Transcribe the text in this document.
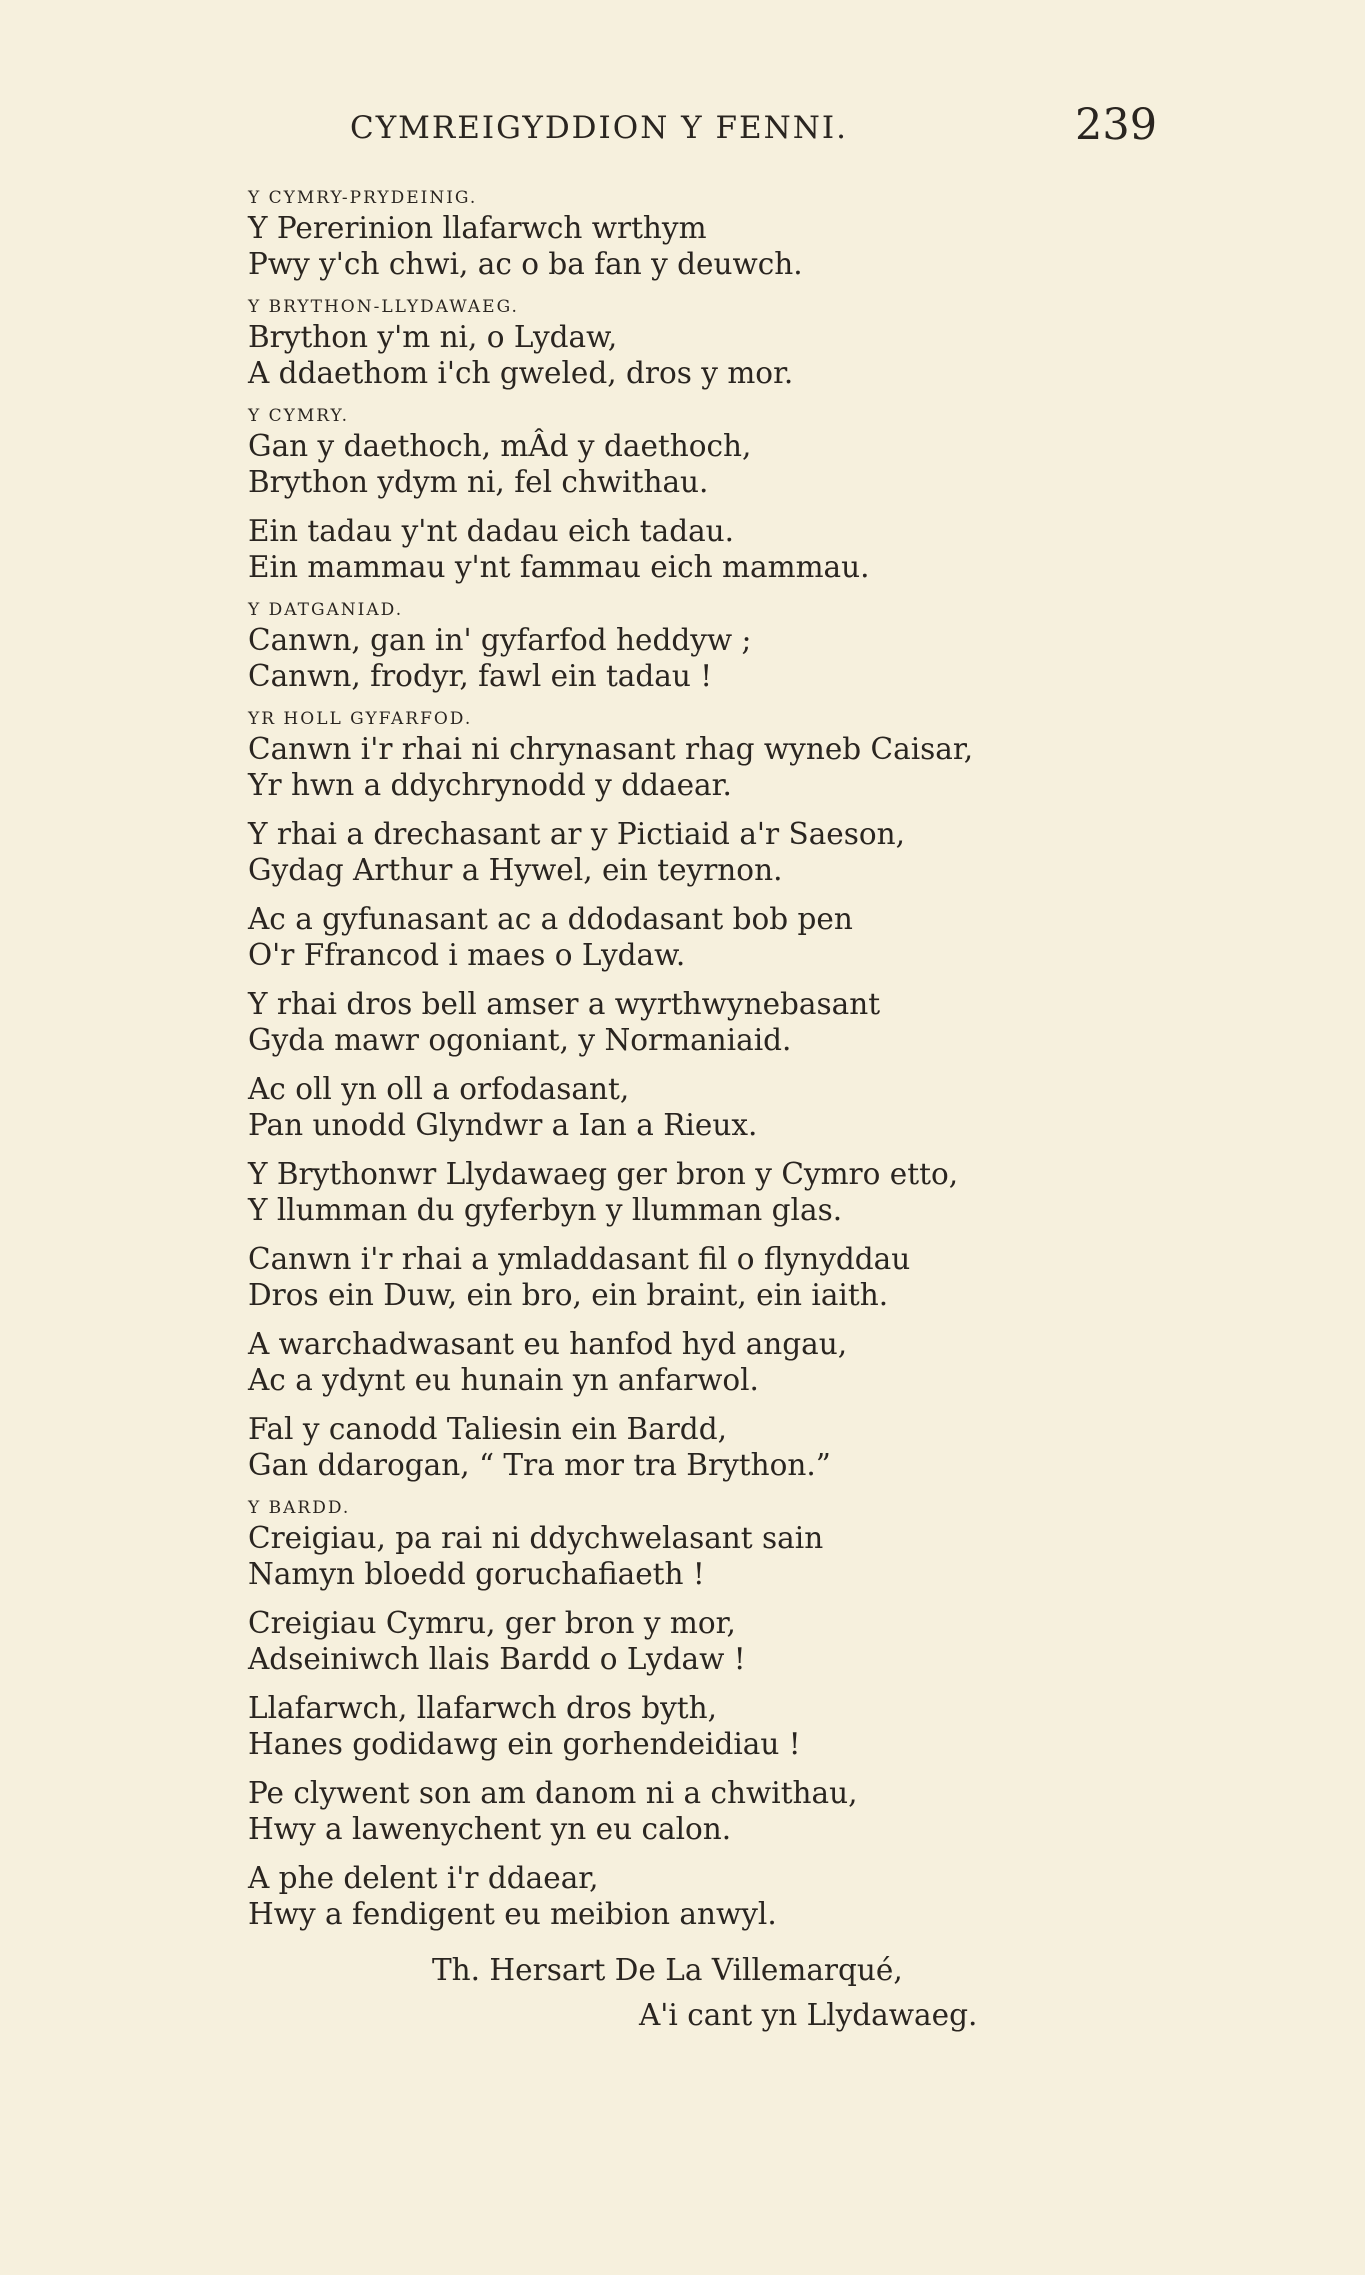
CYMREIGYDDION Y FENNI.	239
Y CYMRY-PRYDEINIG.
Y Pererinion llafarwch wrthym
Pwy y'ch chwi, ac o ba fan y deuwch.
Y BRYTHON-LLYDAWAEG.
Brython y'm ni, o Lydaw,
A ddaethom i'ch gweled, dros y mor.
Y CYMRY.
Gan y daethoch, mÂd y daethoch,
Brython ydym ni, fel chwithau.
Ein tadau y'nt dadau eich tadau.
Ein mammau y'nt fammau eich mammau.
Y DATGANIAD.
Canwn, gan in' gyfarfod heddyw ;
Canwn, frodyr, fawl ein tadau !
YR HOLL GYFARFOD.
Canwn i'r rhai ni chrynasant rhag wyneb Caisar,
Yr hwn a ddychrynodd y ddaear.
Y rhai a drechasant ar y Pictiaid a'r Saeson,
Gydag Arthur a Hywel, ein teyrnon.
Ac a gyfunasant ac a ddodasant bob pen
O'r Ffrancod i maes o Lydaw.
Y rhai dros bell amser a wyrthwynebasant
Gyda mawr ogoniant, y Normaniaid.
Ac oll yn oll a orfodasant,
Pan unodd Glyndwr a Ian a Rieux.
Y Brythonwr Llydawaeg ger bron y Cymro etto,
Y llumman du gyferbyn y llumman glas.
Canwn i'r rhai a ymladdasant fil o flynyddau
Dros ein Duw, ein bro, ein braint, ein iaith.
A warchadwasant eu hanfod hyd angau,
Ac a ydynt eu hunain yn anfarwol.
Fal y canodd Taliesin ein Bardd,
Gan ddarogan, “ Tra mor tra Brython.”
Y BARDD.
Creigiau, pa rai ni ddychwelasant sain
Namyn bloedd goruchafiaeth !
Creigiau Cymru, ger bron y mor,
Adseiniwch llais Bardd o Lydaw !
Llafarwch, llafarwch dros byth,
Hanes godidawg ein gorhendeidiau !
Pe clywent son am danom ni a chwithau,
Hwy a lawenychent yn eu calon.
A phe delent i'r ddaear,
Hwy a fendigent eu meibion anwyl.
Th. Hersart De La Villemarqué,
A'i cant yn Llydawaeg.
